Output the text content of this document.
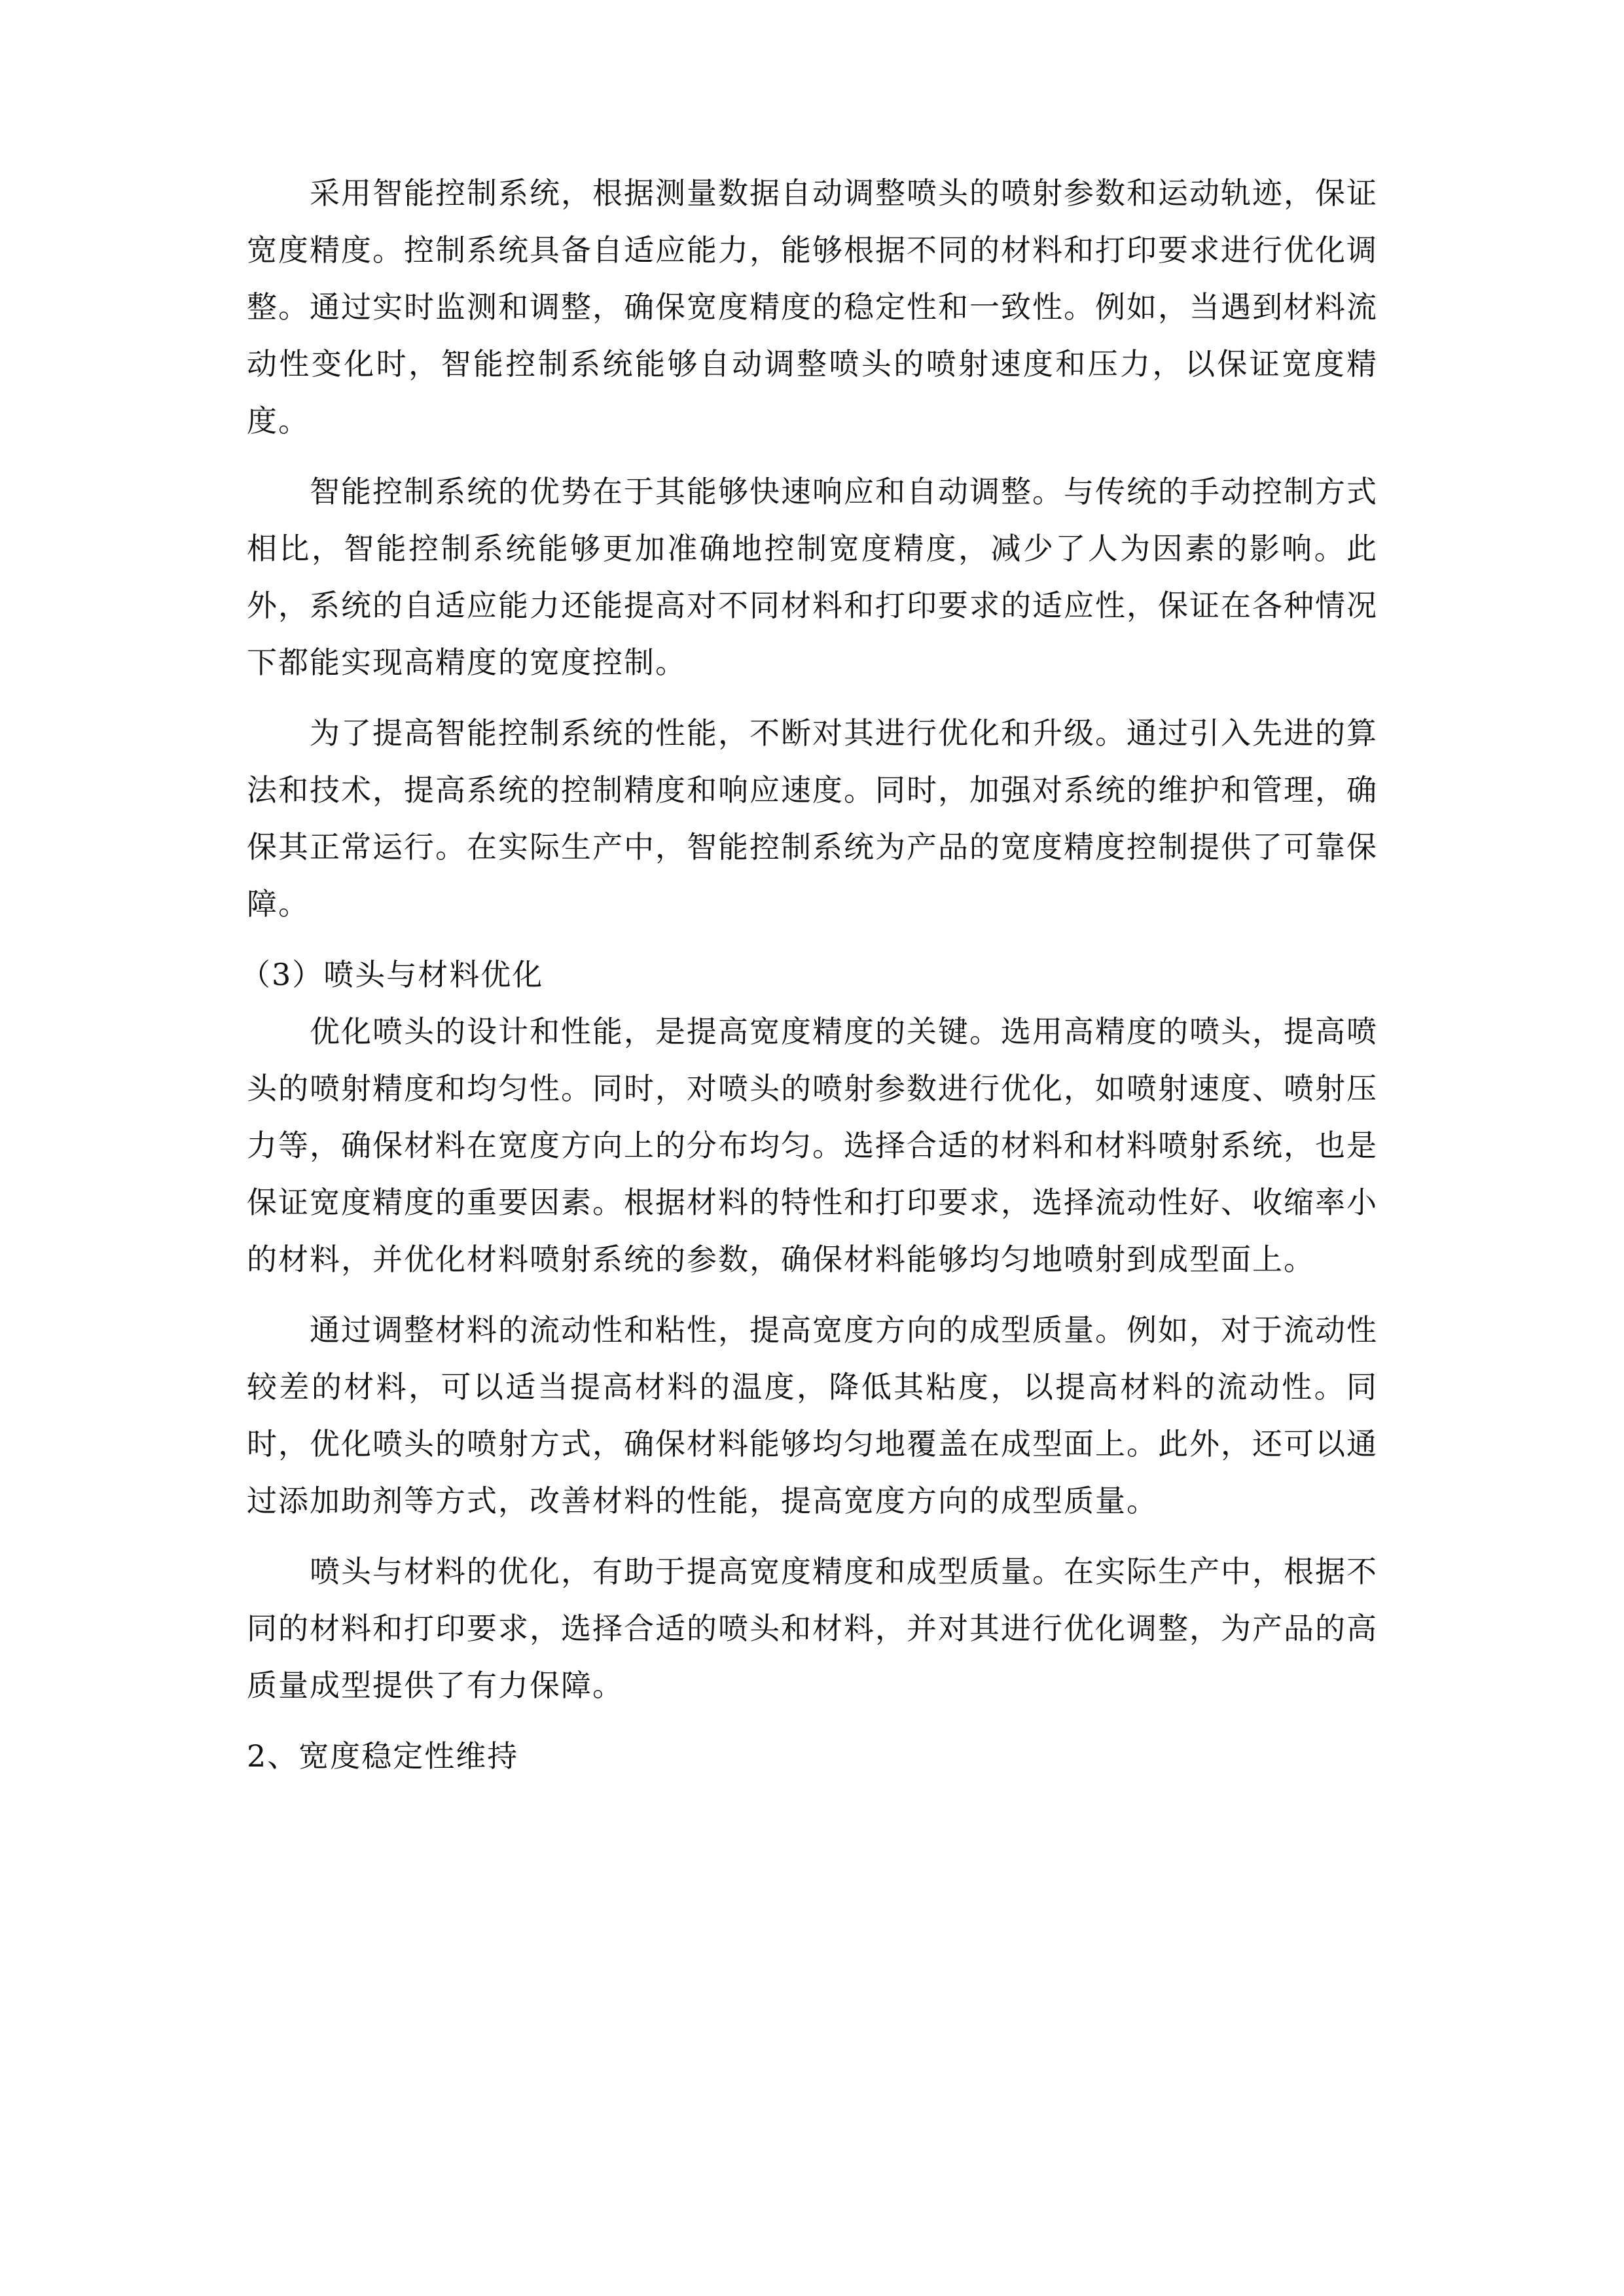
采用智能控制系统，根据测量数据自动调整喷头的喷射参数和运动轨迹，保证宽度精度。控制系统具备自适应能力，能够根据不同的材料和打印要求进行优化调整。通过实时监测和调整，确保宽度精度的稳定性和一致性。例如，当遇到材料流动性变化时，智能控制系统能够自动调整喷头的喷射速度和压力，以保证宽度精度。

智能控制系统的优势在于其能够快速响应和自动调整。与传统的手动控制方式相比，智能控制系统能够更加准确地控制宽度精度，减少了人为因素的影响。此外，系统的自适应能力还能提高对不同材料和打印要求的适应性，保证在各种情况下都能实现高精度的宽度控制。

为了提高智能控制系统的性能，不断对其进行优化和升级。通过引入先进的算法和技术，提高系统的控制精度和响应速度。同时，加强对系统的维护和管理，确保其正常运行。在实际生产中，智能控制系统为产品的宽度精度控制提供了可靠保障。

（3）喷头与材料优化

优化喷头的设计和性能，是提高宽度精度的关键。选用高精度的喷头，提高喷头的喷射精度和均匀性。同时，对喷头的喷射参数进行优化，如喷射速度、喷射压力等，确保材料在宽度方向上的分布均匀。选择合适的材料和材料喷射系统，也是保证宽度精度的重要因素。根据材料的特性和打印要求，选择流动性好、收缩率小的材料，并优化材料喷射系统的参数，确保材料能够均匀地喷射到成型面上。

通过调整材料的流动性和粘性，提高宽度方向的成型质量。例如，对于流动性较差的材料，可以适当提高材料的温度，降低其粘度，以提高材料的流动性。同时，优化喷头的喷射方式，确保材料能够均匀地覆盖在成型面上。此外，还可以通过添加助剂等方式，改善材料的性能，提高宽度方向的成型质量。

喷头与材料的优化，有助于提高宽度精度和成型质量。在实际生产中，根据不同的材料和打印要求，选择合适的喷头和材料，并对其进行优化调整，为产品的高质量成型提供了有力保障。

2、宽度稳定性维持
